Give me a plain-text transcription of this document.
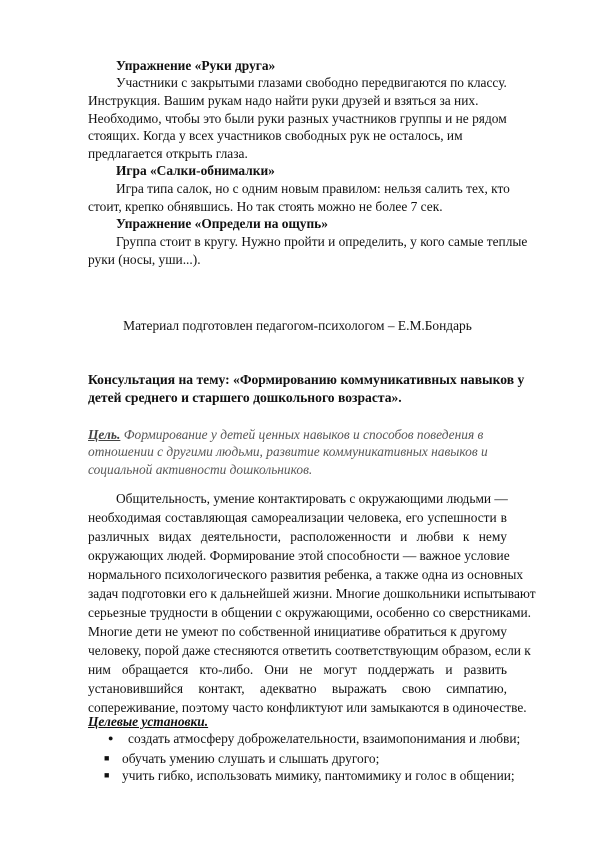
Упражнение «Руки друга»
Участники с закрытыми глазами свободно передвигаются по классу.
Инструкция. Вашим рукам надо найти руки друзей и взяться за них.
Необходимо, чтобы это были руки разных участников группы и не рядом
стоящих. Когда у всех участников свободных рук не осталось, им
предлагается открыть глаза.
Игра «Салки-обнималки»
Игра типа салок, но с одним новым правилом: нельзя салить тех, кто
стоит, крепко обнявшись. Но так стоять можно не более 7 сек.
Упражнение «Определи на ощупь»
Группа стоит в кругу. Нужно пройти и определить, у кого самые теплые
руки (носы, уши...).
Материал подготовлен педагогом-психологом – Е.М.Бондарь
Консультация на тему: «Формированию коммуникативных навыков у
детей среднего и старшего дошкольного возраста».
Цель. Формирование у детей ценных навыков и способов поведения в
отношении с другими людьми, развитие коммуникативных навыков и
социальной активности дошкольников.
Общительность, умение контактировать с окружающими людьми —
необходимая составляющая самореализации человека, его успешности в
различных видах деятельности, расположенности и любви к нему
окружающих людей. Формирование этой способности — важное условие
нормального психологического развития ребенка, а также одна из основных
задач подготовки его к дальнейшей жизни. Многие дошкольники испытывают
серьезные трудности в общении с окружающими, особенно со сверстниками.
Многие дети не умеют по собственной инициативе обратиться к другому
человеку, порой даже стесняются ответить соответствующим образом, если к
ним обращается кто-либо. Они не могут поддержать и развить
установившийся контакт, адекватно выражать свою симпатию,
сопереживание, поэтому часто конфликтуют или замыкаются в одиночестве.
Целевые установки.
● создать атмосферу доброжелательности, взаимопонимания и любви;
■ обучать умению слушать и слышать другого;
■ учить гибко, использовать мимику, пантомимику и голос в общении;
